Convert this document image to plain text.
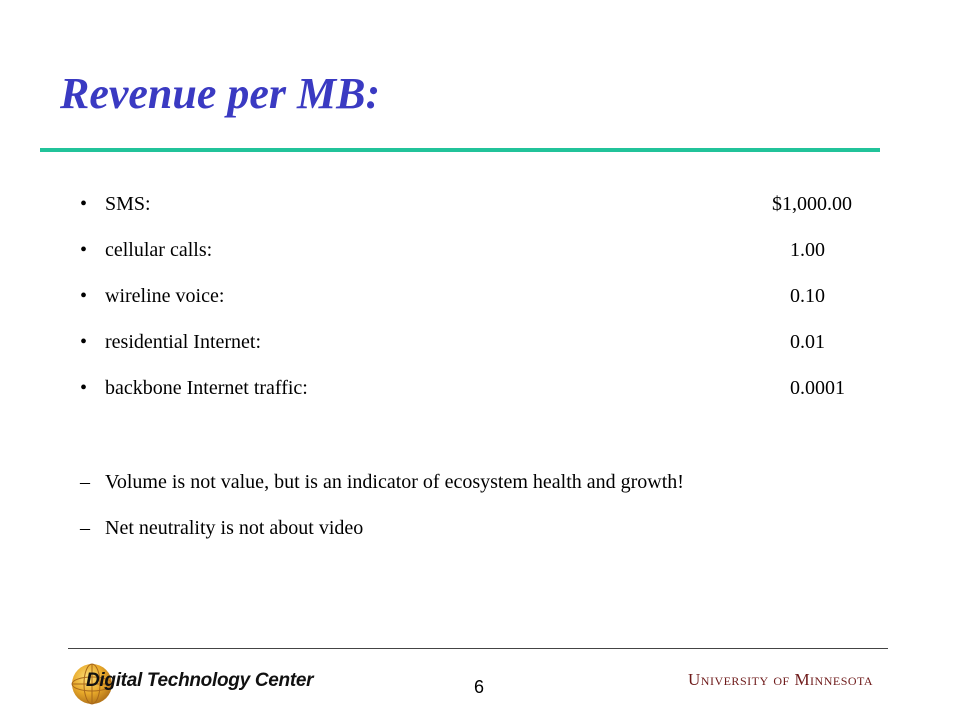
Revenue per MB:
• SMS:	$1,000.00
• cellular calls:	1.00
• wireline voice:	0.10
• residential Internet:	0.01
• backbone Internet traffic:	0.0001
– Volume is not value, but is an indicator of ecosystem health and growth!
– Net neutrality is not about video
Digital Technology Center	6	University of Minnesota
